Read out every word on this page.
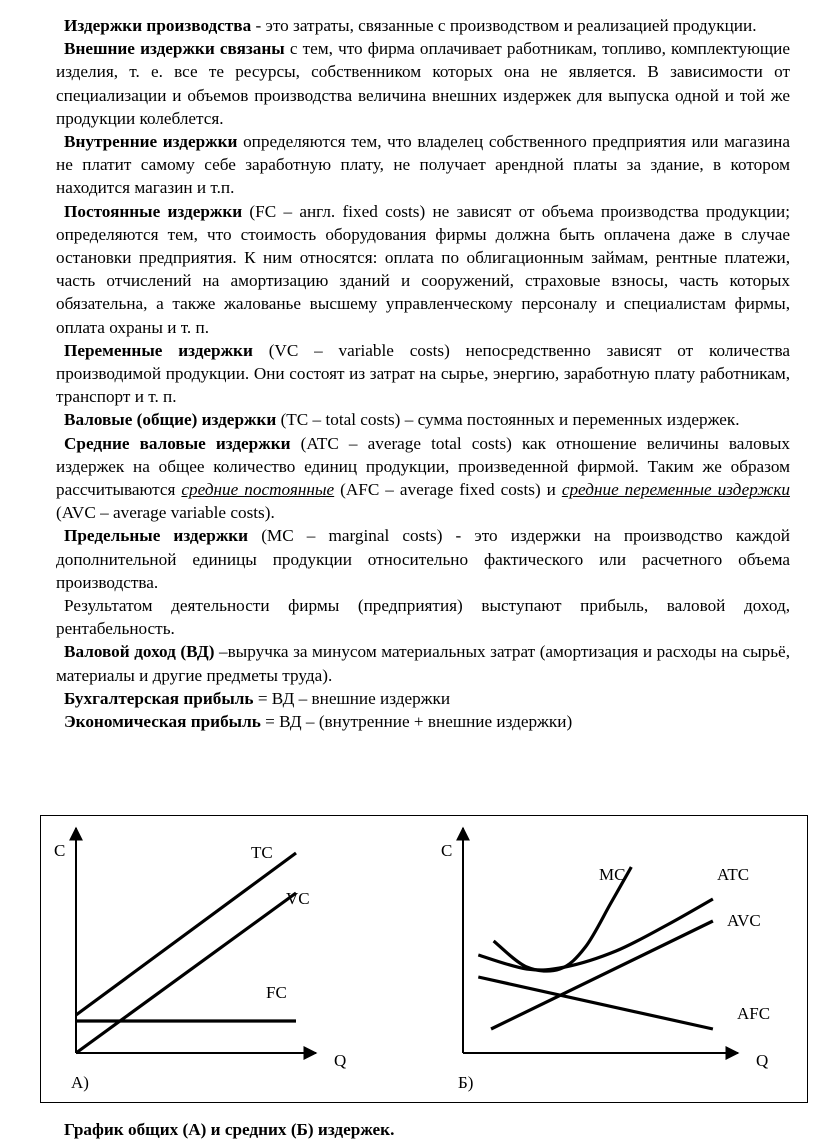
Издержки производства - это затраты, связанные с производством и реализацией продукции.

Внешние издержки связаны с тем, что фирма оплачивает работникам, топливо, комплектующие изделия, т. е. все те ресурсы, собственником которых она не является. В зависимости от специализации и объемов производства величина внешних издержек для выпуска одной и той же продукции колеблется.

Внутренние издержки определяются тем, что владелец собственного предприятия или магазина не платит самому себе заработную плату, не получает арендной платы за здание, в котором находится магазин и т.п.

Постоянные издержки (FC – англ. fixed costs) не зависят от объема производства продукции; определяются тем, что стоимость оборудования фирмы должна быть оплачена даже в случае остановки предприятия. К ним относятся: оплата по облигационным займам, рентные платежи, часть отчислений на амортизацию зданий и сооружений, страховые взносы, часть которых обязательна, а также жалованье высшему управленческому персоналу и специалистам фирмы, оплата охраны и т. п.

Переменные издержки (VC – variable costs) непосредственно зависят от количества производимой продукции. Они состоят из затрат на сырье, энергию, заработную плату работникам, транспорт и т. п.

Валовые (общие) издержки (TC – total costs) – сумма постоянных и переменных издержек.

Средние валовые издержки (ATC – average total costs) как отношение величины валовых издержек на общее количество единиц продукции, произведенной фирмой. Таким же образом рассчитываются средние постоянные (AFC – average fixed costs) и средние переменные издержки (AVC – average variable costs).

Предельные издержки (MC – marginal costs) - это издержки на производство каждой дополнительной единицы продукции относительно фактического или расчетного объема производства.

Результатом деятельности фирмы (предприятия) выступают прибыль, валовой доход, рентабельность.

Валовой доход (ВД) –выручка за минусом материальных затрат (амортизация и расходы на сырьё, материалы и другие предметы труда).

Бухгалтерская прибыль = ВД – внешние издержки

Экономическая прибыль = ВД – (внутренние + внешние издержки)

C
Q
А)
TC
VC
FC
C
Q
Б)
MC	ATC
AVC
AFC
График общих (А) и средних (Б) издержек.
